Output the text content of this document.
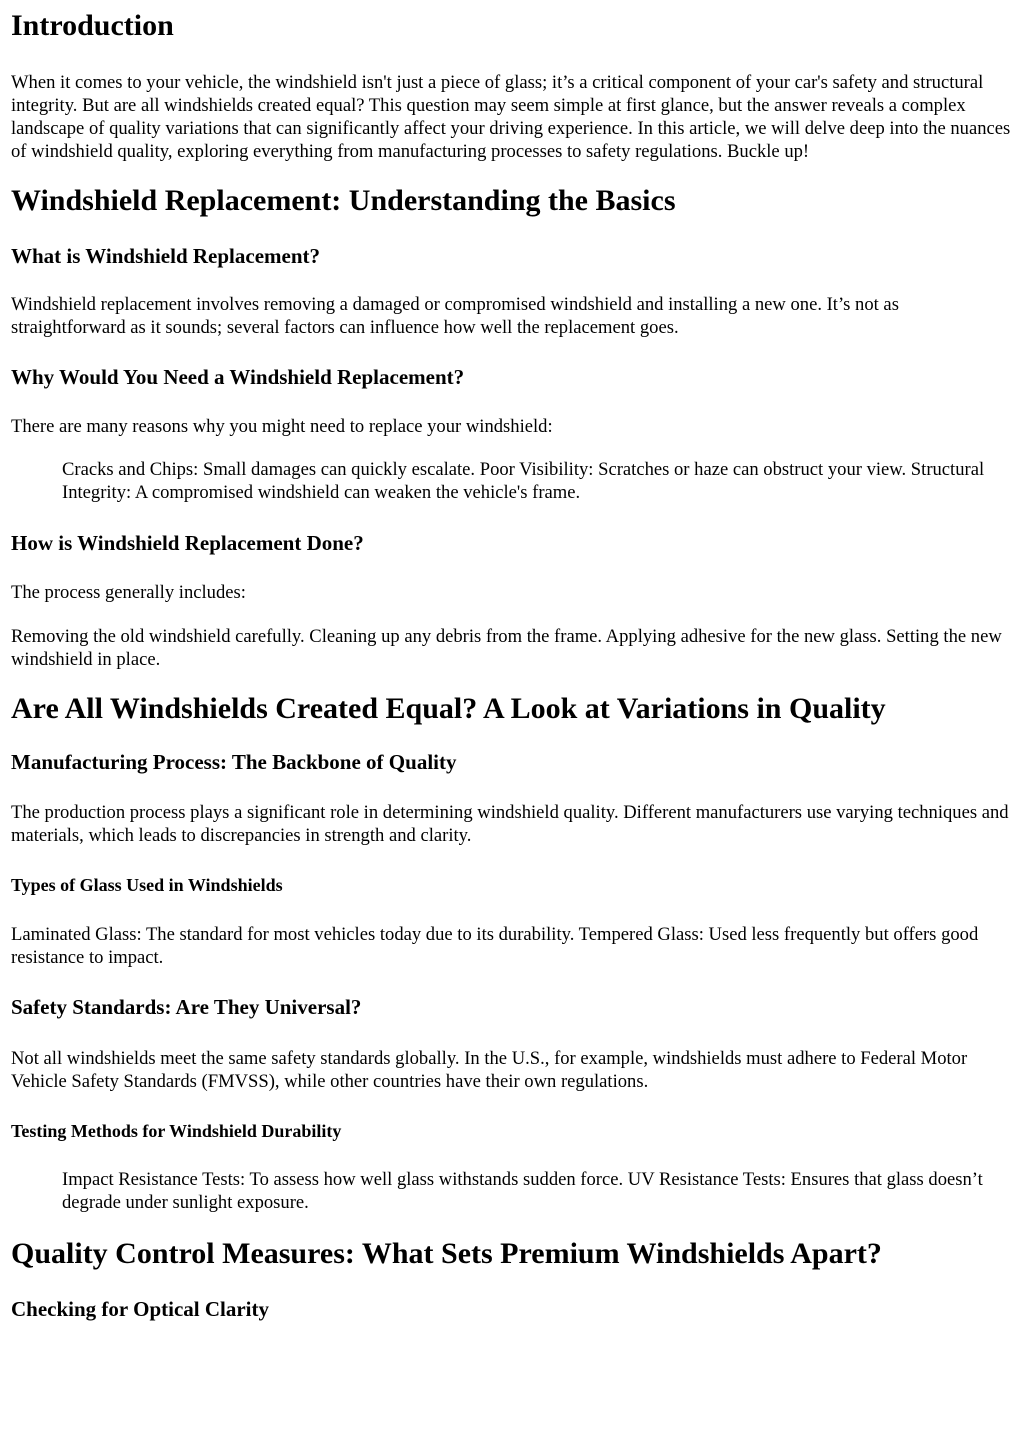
Introduction

When it comes to your vehicle, the windshield isn't just a piece of glass; it’s a critical component of your car's safety and structural integrity. But are all windshields created equal? This question may seem simple at first glance, but the answer reveals a complex landscape of quality variations that can significantly affect your driving experience. In this article, we will delve deep into the nuances of windshield quality, exploring everything from manufacturing processes to safety regulations. Buckle up!

Windshield Replacement: Understanding the Basics
What is Windshield Replacement?

Windshield replacement involves removing a damaged or compromised windshield and installing a new one. It’s not as straightforward as it sounds; several factors can influence how well the replacement goes.

Why Would You Need a Windshield Replacement?

There are many reasons why you might need to replace your windshield:

Cracks and Chips: Small damages can quickly escalate. Poor Visibility: Scratches or haze can obstruct your view. Structural Integrity: A compromised windshield can weaken the vehicle's frame.

How is Windshield Replacement Done?

The process generally includes:

Removing the old windshield carefully. Cleaning up any debris from the frame. Applying adhesive for the new glass. Setting the new windshield in place.

Are All Windshields Created Equal? A Look at Variations in Quality
Manufacturing Process: The Backbone of Quality

The production process plays a significant role in determining windshield quality. Different manufacturers use varying techniques and materials, which leads to discrepancies in strength and clarity.

Types of Glass Used in Windshields

Laminated Glass: The standard for most vehicles today due to its durability. Tempered Glass: Used less frequently but offers good resistance to impact.

Safety Standards: Are They Universal?

Not all windshields meet the same safety standards globally. In the U.S., for example, windshields must adhere to Federal Motor Vehicle Safety Standards (FMVSS), while other countries have their own regulations.

Testing Methods for Windshield Durability

Impact Resistance Tests: To assess how well glass withstands sudden force. UV Resistance Tests: Ensures that glass doesn’t degrade under sunlight exposure.

Quality Control Measures: What Sets Premium Windshields Apart?
Checking for Optical Clarity
